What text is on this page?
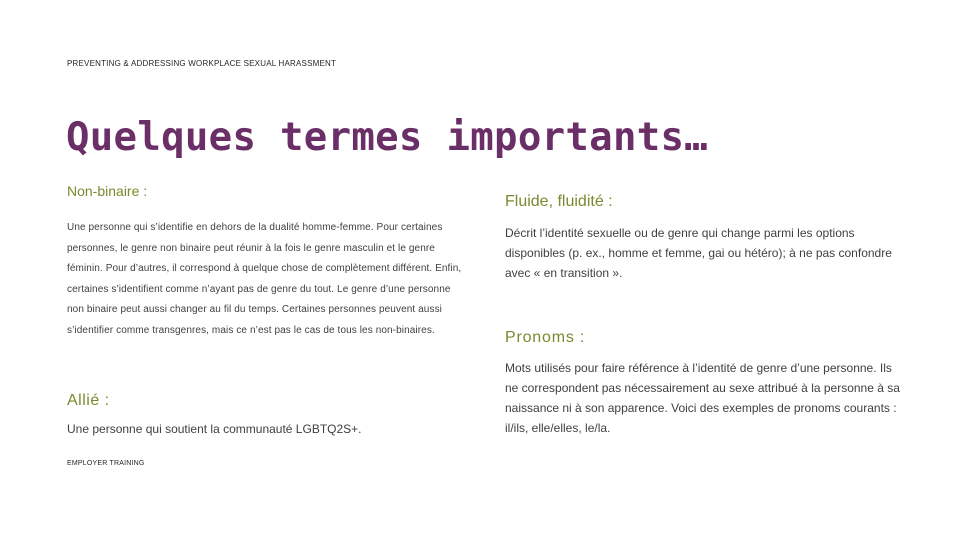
PREVENTING & ADDRESSING WORKPLACE SEXUAL HARASSMENT
Quelques termes importants…
Non-binaire :
Une personne qui s’identifie en dehors de la dualité homme-femme. Pour certaines personnes, le genre non binaire peut réunir à la fois le genre masculin et le genre féminin. Pour d’autres, il correspond à quelque chose de complètement différent. Enfin, certaines s’identifient comme n’ayant pas de genre du tout. Le genre d’une personne non binaire peut aussi changer au fil du temps. Certaines personnes peuvent aussi s’identifier comme transgenres, mais ce n’est pas le cas de tous les non-binaires.
Fluide, fluidité :
Décrit l’identité sexuelle ou de genre qui change parmi les options disponibles (p. ex., homme et femme, gai ou hétéro); à ne pas confondre avec « en transition ».
Pronoms :
Mots utilisés pour faire référence à l’identité de genre d’une personne. Ils ne correspondent pas nécessairement au sexe attribué à la personne à sa naissance ni à son apparence. Voici des exemples de pronoms courants : il/ils, elle/elles, le/la.
Allié :
Une personne qui soutient la communauté LGBTQ2S+.
EMPLOYER TRAINING
